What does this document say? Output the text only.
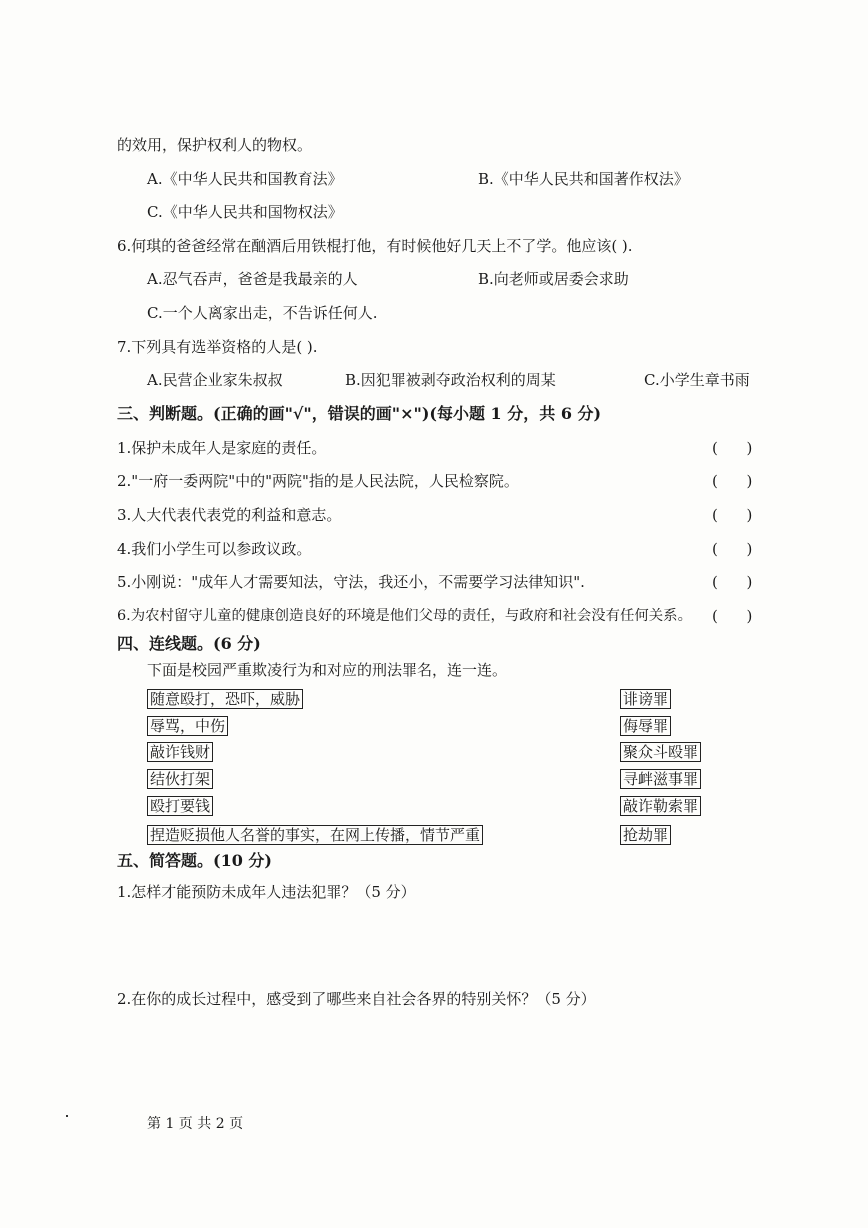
的效用，保护权利人的物权。
A.《中华人民共和国教育法》	B.《中华人民共和国著作权法》
C.《中华人民共和国物权法》
6.何琪的爸爸经常在酗酒后用铁棍打他，有时候他好几天上不了学。他应该( ).
A.忍气吞声，爸爸是我最亲的人	B.向老师或居委会求助
C.一个人离家出走，不告诉任何人.
7.下列具有选举资格的人是( ).
A.民营企业家朱叔叔	B.因犯罪被剥夺政治权利的周某	C.小学生章书雨
三、判断题。(正确的画"√"，错误的画"×")(每小题 1 分，共 6 分)
1.保护未成年人是家庭的责任。	(      )
2."一府一委两院"中的"两院"指的是人民法院，人民检察院。	(      )
3.人大代表代表党的利益和意志。	(      )
4.我们小学生可以参政议政。	(      )
5.小刚说："成年人才需要知法，守法，我还小，不需要学习法律知识".	(      )
6.为农村留守儿童的健康创造良好的环境是他们父母的责任，与政府和社会没有任何关系。 (      )
四、连线题。(6 分)
下面是校园严重欺凌行为和对应的刑法罪名，连一连。
随意殴打，恐吓，威胁
辱骂，中伤
敲诈钱财
结伙打架
殴打要钱
捏造贬损他人名誉的事实，在网上传播，情节严重
诽谤罪
侮辱罪
聚众斗殴罪
寻衅滋事罪
敲诈勒索罪
抢劫罪
五、简答题。(10 分)
1.怎样才能预防未成年人违法犯罪？（5 分）
2.在你的成长过程中，感受到了哪些来自社会各界的特别关怀？（5 分）
第 1 页 共 2 页
